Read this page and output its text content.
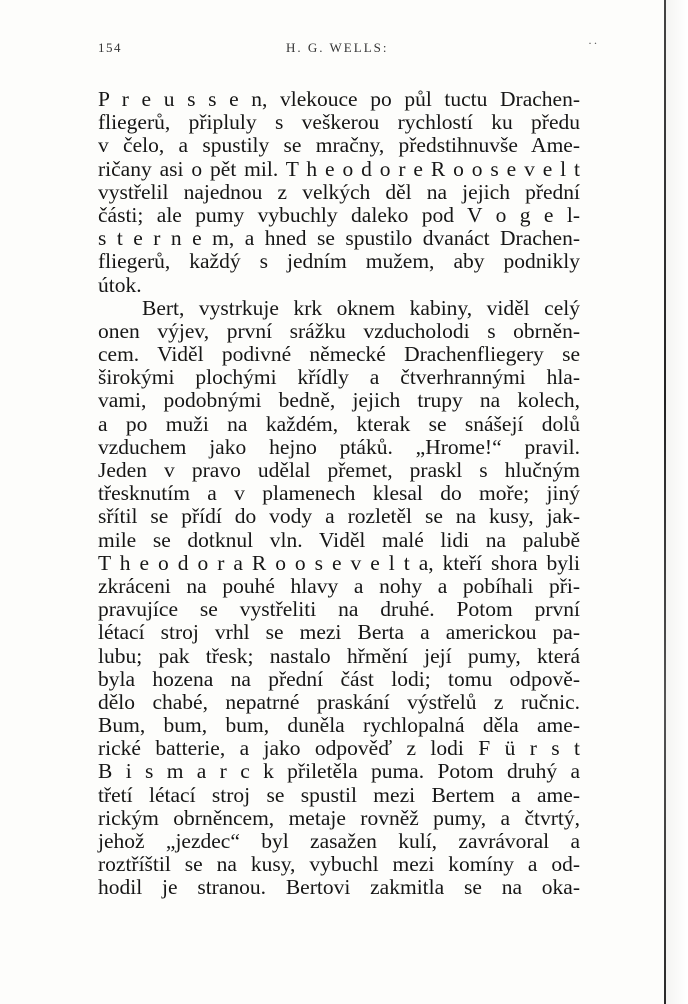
154	H. G. WELLS:	··
P r e u s s e n, vlekouce po půl tuctu Drachen-
fliegerů, připluly s veškerou rychlostí ku předu
v čelo, a spustily se mračny, předstihnuvše Ame-
ričany asi o pět mil. T h e o d o r e R o o s e v e l t
vystřelil najednou z velkých děl na jejich přední
části; ale pumy vybuchly daleko pod V o g e l-
s t e r n e m, a hned se spustilo dvanáct Drachen-
fliegerů, každý s jedním mužem, aby podnikly
útok.
Bert, vystrkuje krk oknem kabiny, viděl celý
onen výjev, první srážku vzducholodi s obrněn-
cem. Viděl podivné německé Drachenfliegery se
širokými plochými křídly a čtverhrannými hla-
vami, podobnými bedně, jejich trupy na kolech,
a po muži na každém, kterak se snášejí dolů
vzduchem jako hejno ptáků. „Hrome!“ pravil.
Jeden v pravo udělal přemet, praskl s hlučným
třesknutím a v plamenech klesal do moře; jiný
sřítil se přídí do vody a rozletěl se na kusy, jak-
mile se dotknul vln. Viděl malé lidi na palubě
T h e o d o r a R o o s e v e l t a, kteří shora byli
zkráceni na pouhé hlavy a nohy a pobíhali při-
pravujíce se vystřeliti na druhé. Potom první
létací stroj vrhl se mezi Berta a americkou pa-
lubu; pak třesk; nastalo hřmění její pumy, která
byla hozena na přední část lodi; tomu odpově-
dělo chabé, nepatrné praskání výstřelů z ručnic.
Bum, bum, bum, duněla rychlopalná děla ame-
rické batterie, a jako odpověď z lodi F ü r s t
B i s m a r c k přiletěla puma. Potom druhý a
třetí létací stroj se spustil mezi Bertem a ame-
rickým obrněncem, metaje rovněž pumy, a čtvrtý,
jehož „jezdec“ byl zasažen kulí, zavrávoral a
roztříštil se na kusy, vybuchl mezi komíny a od-
hodil je stranou. Bertovi zakmitla se na oka-
